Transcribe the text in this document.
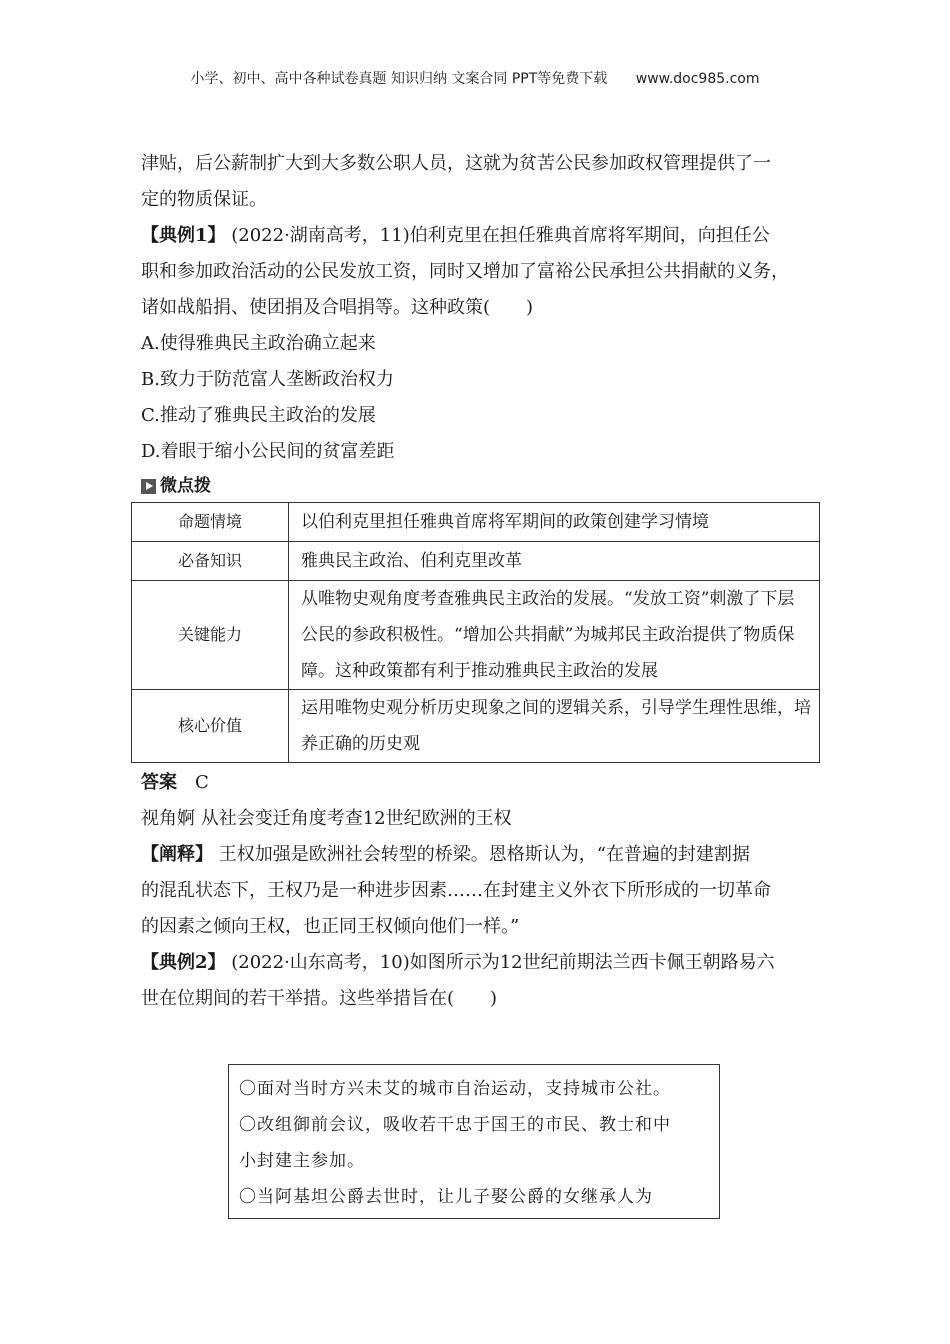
小学、初中、高中各种试卷真题 知识归纳 文案合同 PPT等免费下载 www.doc985.com
津贴，后公薪制扩大到大多数公职人员，这就为贫苦公民参加政权管理提供了一
定的物质保证。
【典例1】 (2022·湖南高考，11)伯利克里在担任雅典首席将军期间，向担任公
职和参加政治活动的公民发放工资，同时又增加了富裕公民承担公共捐献的义务，
诸如战船捐、使团捐及合唱捐等。这种政策(　　)
A.使得雅典民主政治确立起来
B.致力于防范富人垄断政治权力
C.推动了雅典民主政治的发展
D.着眼于缩小公民间的贫富差距
微点拨
命题情境	以伯利克里担任雅典首席将军期间的政策创建学习情境
必备知识	雅典民主政治、伯利克里改革
关键能力	从唯物史观角度考查雅典民主政治的发展。“发放工资”刺激了下层公民的参政积极性。“增加公共捐献”为城邦民主政治提供了物质保障。这种政策都有利于推动雅典民主政治的发展
核心价值	运用唯物史观分析历史现象之间的逻辑关系，引导学生理性思维，培养正确的历史观
答案　 C
视角婀 从社会变迁角度考查12世纪欧洲的王权
【阐释】 王权加强是欧洲社会转型的桥梁。恩格斯认为，“在普遍的封建割据
的混乱状态下，王权乃是一种进步因素……在封建主义外衣下所形成的一切革命
的因素之倾向王权，也正同王权倾向他们一样。”
【典例2】 (2022·山东高考，10)如图所示为12世纪前期法兰西卡佩王朝路易六
世在位期间的若干举措。这些举措旨在(　　)
〇面对当时方兴未艾的城市自治运动，支持城市公社。
〇改组御前会议，吸收若干忠于国王的市民、教士和中
小封建主参加。
〇当阿基坦公爵去世时，让儿子娶公爵的女继承人为
